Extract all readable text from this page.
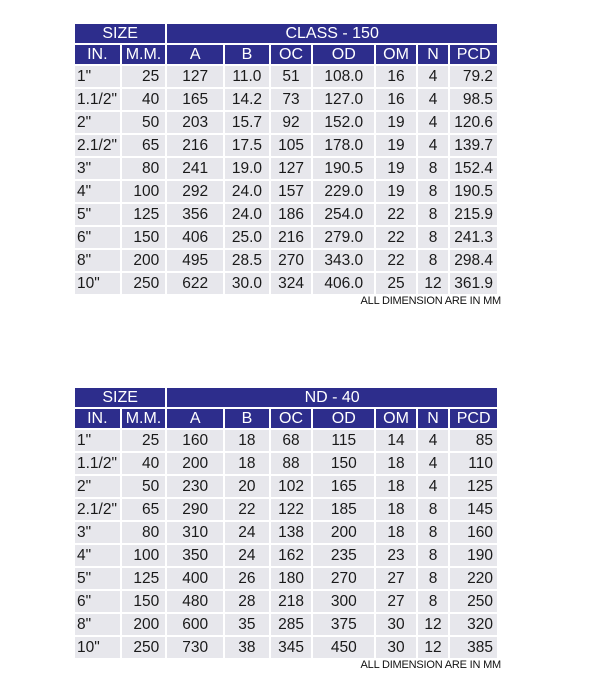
SIZE		CLASS - 150						
IN.	M.M.	A	B	OC	OD	OM	N	PCD
1"	25	127	11.0	51	108.0	16	4	79.2
1.1/2"	40	165	14.2	73	127.0	16	4	98.5
2"	50	203	15.7	92	152.0	19	4	120.6
2.1/2"	65	216	17.5	105	178.0	19	4	139.7
3"	80	241	19.0	127	190.5	19	8	152.4
4"	100	292	24.0	157	229.0	19	8	190.5
5"	125	356	24.0	186	254.0	22	8	215.9
6"	150	406	25.0	216	279.0	22	8	241.3
8"	200	495	28.5	270	343.0	22	8	298.4
10"	250	622	30.0	324	406.0	25	12	361.9
ALL DIMENSION ARE IN MM
SIZE		ND - 40						
IN.	M.M.	A	B	OC	OD	OM	N	PCD
1"	25	160	18	68	115	14	4	85
1.1/2"	40	200	18	88	150	18	4	110
2"	50	230	20	102	165	18	4	125
2.1/2"	65	290	22	122	185	18	8	145
3"	80	310	24	138	200	18	8	160
4"	100	350	24	162	235	23	8	190
5"	125	400	26	180	270	27	8	220
6"	150	480	28	218	300	27	8	250
8"	200	600	35	285	375	30	12	320
10"	250	730	38	345	450	30	12	385
ALL DIMENSION ARE IN MM
